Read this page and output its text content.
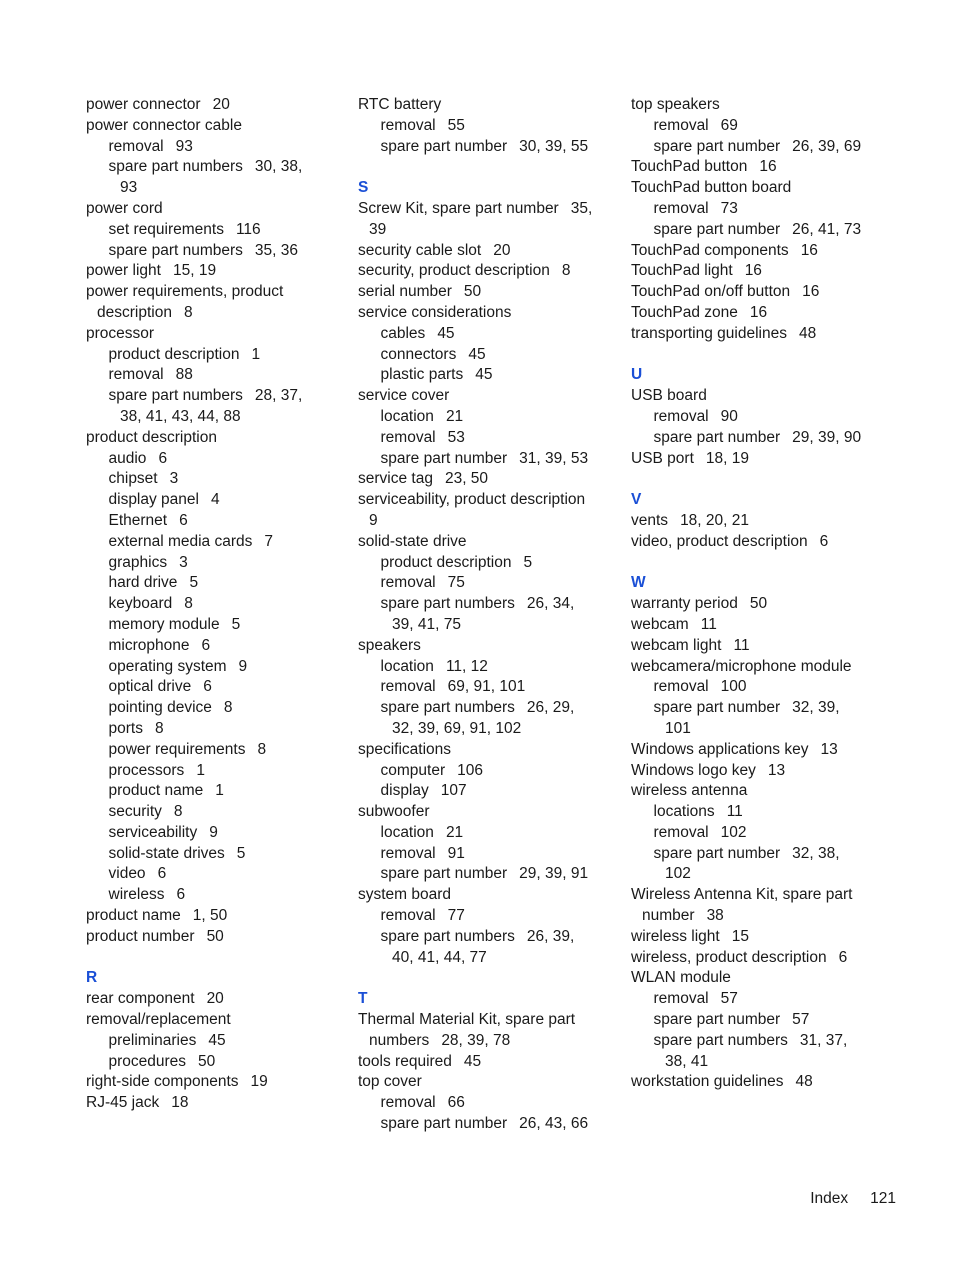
power connector 20
power connector cable
removal 93
spare part numbers 30, 38,
93
power cord
set requirements 116
spare part numbers 35, 36
power light 15, 19
power requirements, product
description 8
processor
product description 1
removal 88
spare part numbers 28, 37,
38, 41, 43, 44, 88
product description
audio 6
chipset 3
display panel 4
Ethernet 6
external media cards 7
graphics 3
hard drive 5
keyboard 8
memory module 5
microphone 6
operating system 9
optical drive 6
pointing device 8
ports 8
power requirements 8
processors 1
product name 1
security 8
serviceability 9
solid-state drives 5
video 6
wireless 6
product name 1, 50
product number 50
R
rear component 20
removal/replacement
preliminaries 45
procedures 50
right-side components 19
RJ-45 jack 18
RTC battery
removal 55
spare part number 30, 39, 55
S
Screw Kit, spare part number 35,
39
security cable slot 20
security, product description 8
serial number 50
service considerations
cables 45
connectors 45
plastic parts 45
service cover
location 21
removal 53
spare part number 31, 39, 53
service tag 23, 50
serviceability, product description
9
solid-state drive
product description 5
removal 75
spare part numbers 26, 34,
39, 41, 75
speakers
location 11, 12
removal 69, 91, 101
spare part numbers 26, 29,
32, 39, 69, 91, 102
specifications
computer 106
display 107
subwoofer
location 21
removal 91
spare part number 29, 39, 91
system board
removal 77
spare part numbers 26, 39,
40, 41, 44, 77
T
Thermal Material Kit, spare part
numbers 28, 39, 78
tools required 45
top cover
removal 66
spare part number 26, 43, 66
top speakers
removal 69
spare part number 26, 39, 69
TouchPad button 16
TouchPad button board
removal 73
spare part number 26, 41, 73
TouchPad components 16
TouchPad light 16
TouchPad on/off button 16
TouchPad zone 16
transporting guidelines 48
U
USB board
removal 90
spare part number 29, 39, 90
USB port 18, 19
V
vents 18, 20, 21
video, product description 6
W
warranty period 50
webcam 11
webcam light 11
webcamera/microphone module
removal 100
spare part number 32, 39,
101
Windows applications key 13
Windows logo key 13
wireless antenna
locations 11
removal 102
spare part number 32, 38,
102
Wireless Antenna Kit, spare part
number 38
wireless light 15
wireless, product description 6
WLAN module
removal 57
spare part number 57
spare part numbers 31, 37,
38, 41
workstation guidelines 48
Index 121
